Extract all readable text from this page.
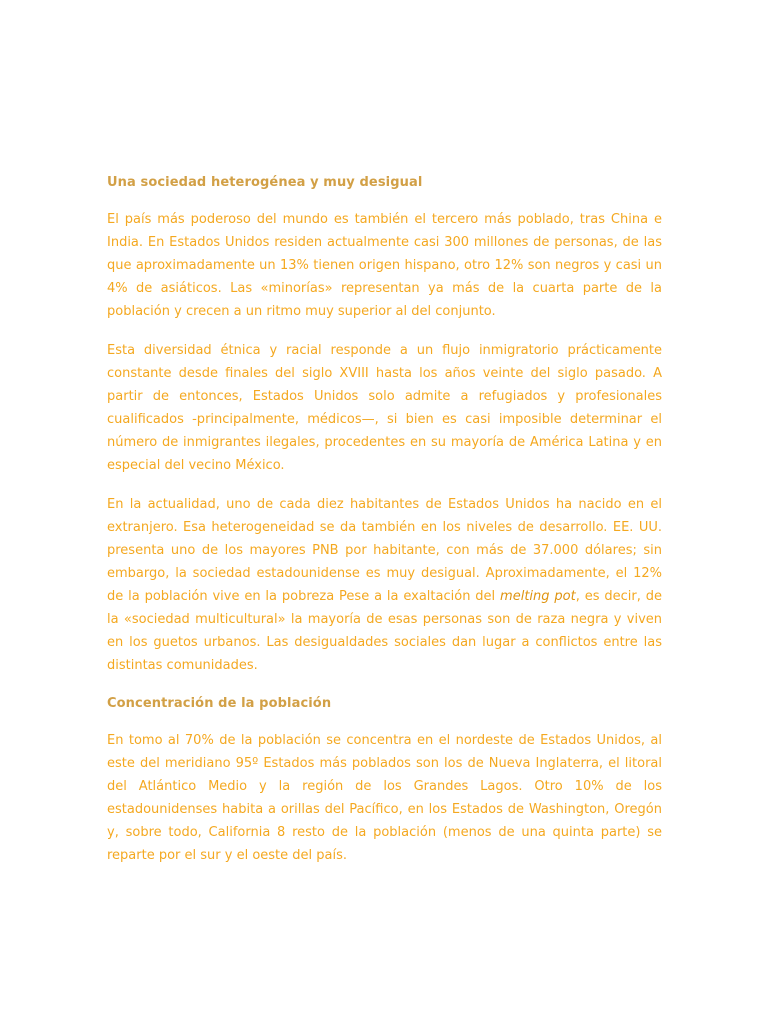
Una sociedad heterogénea y muy desigual

El país más poderoso del mundo es también el tercero más poblado, tras China e India. En Estados Unidos residen actualmente casi 300 millones de personas, de las que aproximadamente un 13% tienen origen hispano, otro 12% son negros y casi un 4% de asiáticos. Las «minorías» representan ya más de la cuarta parte de la población y crecen a un ritmo muy superior al del conjunto.

Esta diversidad étnica y racial responde a un flujo inmigratorio prácticamente constante desde finales del siglo XVIII hasta los años veinte del siglo pasado. A partir de entonces, Estados Unidos solo admite a refugiados y profesionales cualificados -principalmente, médicos—, si bien es casi imposible determinar el número de inmigrantes ilegales, procedentes en su mayoría de América Latina y en especial del vecino México.

En la actualidad, uno de cada diez habitantes de Estados Unidos ha nacido en el extranjero. Esa heterogeneidad se da también en los niveles de desarrollo. EE. UU. presenta uno de los mayores PNB por habitante, con más de 37.000 dólares; sin embargo, la sociedad estadounidense es muy desigual. Aproximadamente, el 12% de la población vive en la pobreza Pese a la exaltación del melting pot, es decir, de la «sociedad multicultural» la mayoría de esas personas son de raza negra y viven en los guetos urbanos. Las desigualdades sociales dan lugar a conflictos entre las distintas comunidades.

Concentración de la población

En tomo al 70% de la población se concentra en el nordeste de Estados Unidos, al este del meridiano 95º Estados más poblados son los de Nueva Inglaterra, el litoral del Atlántico Medio y la región de los Grandes Lagos. Otro 10% de los estadounidenses habita a orillas del Pacífico, en los Estados de Washington, Oregón y, sobre todo, California 8 resto de la población (menos de una quinta parte) se reparte por el sur y el oeste del país.
